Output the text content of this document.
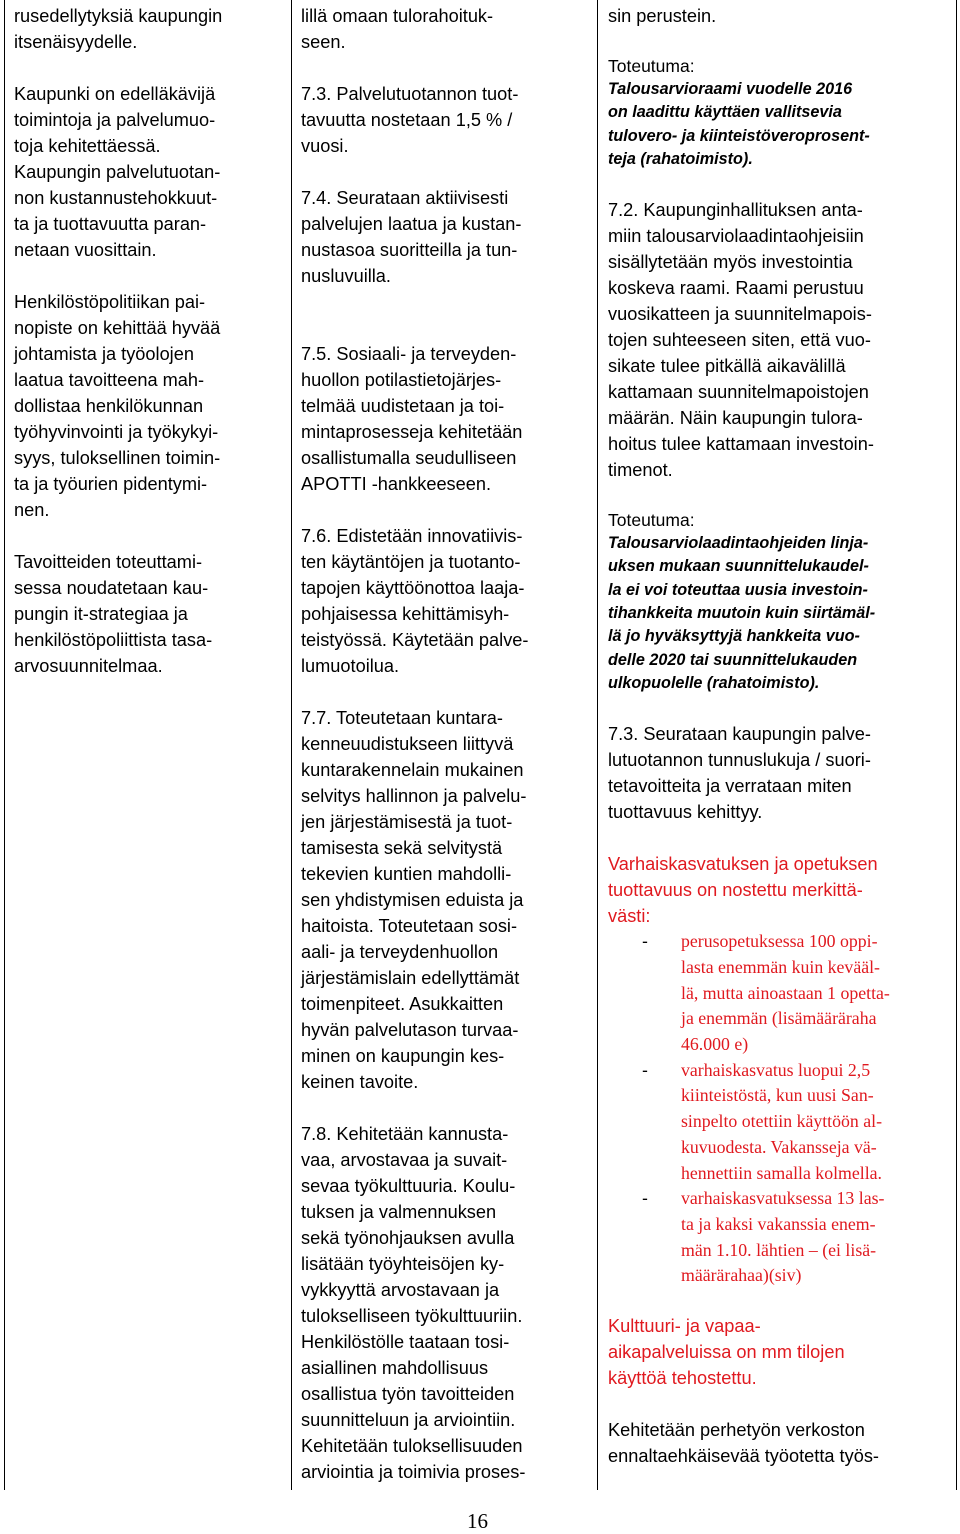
rusedellytyksiä kaupungin
itsenäisyydelle.

Kaupunki on edelläkävijä
toimintoja ja palvelumuo-
toja kehitettäessä.
Kaupungin palvelutuotan-
non kustannustehokkuut-
ta ja tuottavuutta paran-
netaan vuosittain.

Henkilöstöpolitiikan pai-
nopiste on kehittää hyvää
johtamista ja työolojen
laatua tavoitteena mah-
dollistaa henkilökunnan
työhyvinvointi ja työkykyi-
syys, tuloksellinen toimin-
ta ja työurien pidentymi-
nen.

Tavoitteiden toteuttami-
sessa noudatetaan kau-
pungin it-strategiaa ja
henkilöstöpoliittista tasa-
arvosuunnitelmaa.

lillä omaan tulorahoituk-
seen.

7.3. Palvelutuotannon tuot-
tavuutta nostetaan 1,5 % /
vuosi.

7.4. Seurataan aktiivisesti
palvelujen laatua ja kustan-
nustasoa suoritteilla ja tun-
nusluvuilla.

7.5. Sosiaali- ja terveyden-
huollon potilastietojärjes-
telmää uudistetaan ja toi-
mintaprosesseja kehitetään
osallistumalla seudulliseen
APOTTI -hankkeeseen.

7.6. Edistetään innovatiivis-
ten käytäntöjen ja tuotanto-
tapojen käyttöönottoa laaja-
pohjaisessa kehittämisyh-
teistyössä. Käytetään palve-
lumuotoilua.

7.7. Toteutetaan kuntara-
kenneuudistukseen liittyvä
kuntarakennelain mukainen
selvitys hallinnon ja palvelu-
jen järjestämisestä ja tuot-
tamisesta sekä selvitystä
tekevien kuntien mahdolli-
sen yhdistymisen eduista ja
haitoista. Toteutetaan sosi-
aali- ja terveydenhuollon
järjestämislain edellyttämät
toimenpiteet. Asukkaitten
hyvän palvelutason turvaa-
minen on kaupungin kes-
keinen tavoite.

7.8. Kehitetään kannusta-
vaa, arvostavaa ja suvait-
sevaa työkulttuuria. Koulu-
tuksen ja valmennuksen
sekä työnohjauksen avulla
lisätään työyhteisöjen ky-
vykkyyttä arvostavaan ja
tulokselliseen työkulttuuriin.
Henkilöstölle taataan tosi-
asiallinen mahdollisuus
osallistua työn tavoitteiden
suunnitteluun ja arviointiin.
Kehitetään tuloksellisuuden
arviointia ja toimivia proses-

sin perustein.

Toteutuma:

Talousarvioraami vuodelle 2016
on laadittu käyttäen vallitsevia
tulovero- ja kiinteistöveroprosent-
teja (rahatoimisto).

7.2. Kaupunginhallituksen anta-
miin talousarviolaadintaohjeisiin
sisällytetään myös investointia
koskeva raami. Raami perustuu
vuosikatteen ja suunnitelmapois-
tojen suhteeseen siten, että vuo-
sikate tulee pitkällä aikavälillä
kattamaan suunnitelmapoistojen
määrän. Näin kaupungin tulora-
hoitus tulee kattamaan investoin-
timenot.

Toteutuma:

Talousarviolaadintaohjeiden linja-
uksen mukaan suunnittelukaudel-
la ei voi toteuttaa uusia investoin-
tihankkeita muutoin kuin siirtämäl-
lä jo hyväksyttyjä hankkeita vuo-
delle 2020 tai suunnittelukauden
ulkopuolelle (rahatoimisto).

7.3. Seurataan kaupungin palve-
lutuotannon tunnuslukuja / suori-
tetavoitteita ja verrataan miten
tuottavuus kehittyy.

Varhaiskasvatuksen ja opetuksen
tuottavuus on nostettu merkittä-
västi:

- perusopetuksessa 100 oppi-
lasta enemmän kuin kevääl-
lä, mutta ainoastaan 1 opetta-
ja enemmän (lisämääräraha
46.000 e)
- varhaiskasvatus luopui 2,5
kiinteistöstä, kun uusi San-
sinpelto otettiin käyttöön al-
kuvuodesta. Vakansseja vä-
hennettiin samalla kolmella.
- varhaiskasvatuksessa 13 las-
ta ja kaksi vakanssia enem-
män 1.10. lähtien – (ei lisä-
määrärahaa)(siv)

Kulttuuri- ja vapaa-
aikapalveluissa on mm tilojen
käyttöä tehostettu.

Kehitetään perhetyön verkoston
ennaltaehkäisevää työotetta työs-

16
